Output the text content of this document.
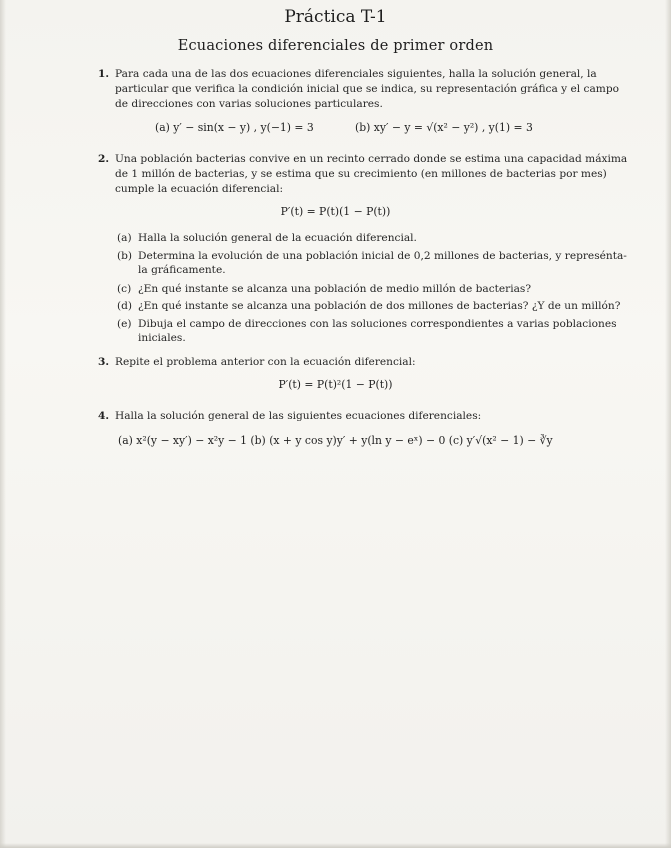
Práctica T-1
Ecuaciones diferenciales de primer orden
1. Para cada una de las dos ecuaciones diferenciales siguientes, halla la solución general, la
particular que verifica la condición inicial que se indica, su representación gráfica y el campo
de direcciones con varias soluciones particulares.
(a) y′ − sin(x − y) , y(−1) = 3	(b) xy′ − y = √(x² − y²) , y(1) = 3
2. Una población bacterias convive en un recinto cerrado donde se estima una capacidad máxima
de 1 millón de bacterias, y se estima que su crecimiento (en millones de bacterias por mes)
cumple la ecuación diferencial:
P′(t) = P(t)(1 − P(t))
(a) Halla la solución general de la ecuación diferencial.
(b) Determina la evolución de una población inicial de 0,2 millones de bacterias, y represénta-
la gráficamente.
(c) ¿En qué instante se alcanza una población de medio millón de bacterias?
(d) ¿En qué instante se alcanza una población de dos millones de bacterias? ¿Y de un millón?
(e) Dibuja el campo de direcciones con las soluciones correspondientes a varias poblaciones
iniciales.
3. Repite el problema anterior con la ecuación diferencial:
P′(t) = P(t)²(1 − P(t))
4. Halla la solución general de las siguientes ecuaciones diferenciales:
(a) x²(y − xy′) − x²y − 1 (b) (x + y cos y)y′ + y(ln y − eˣ) − 0 (c) y′√(x² − 1) − ∛y
